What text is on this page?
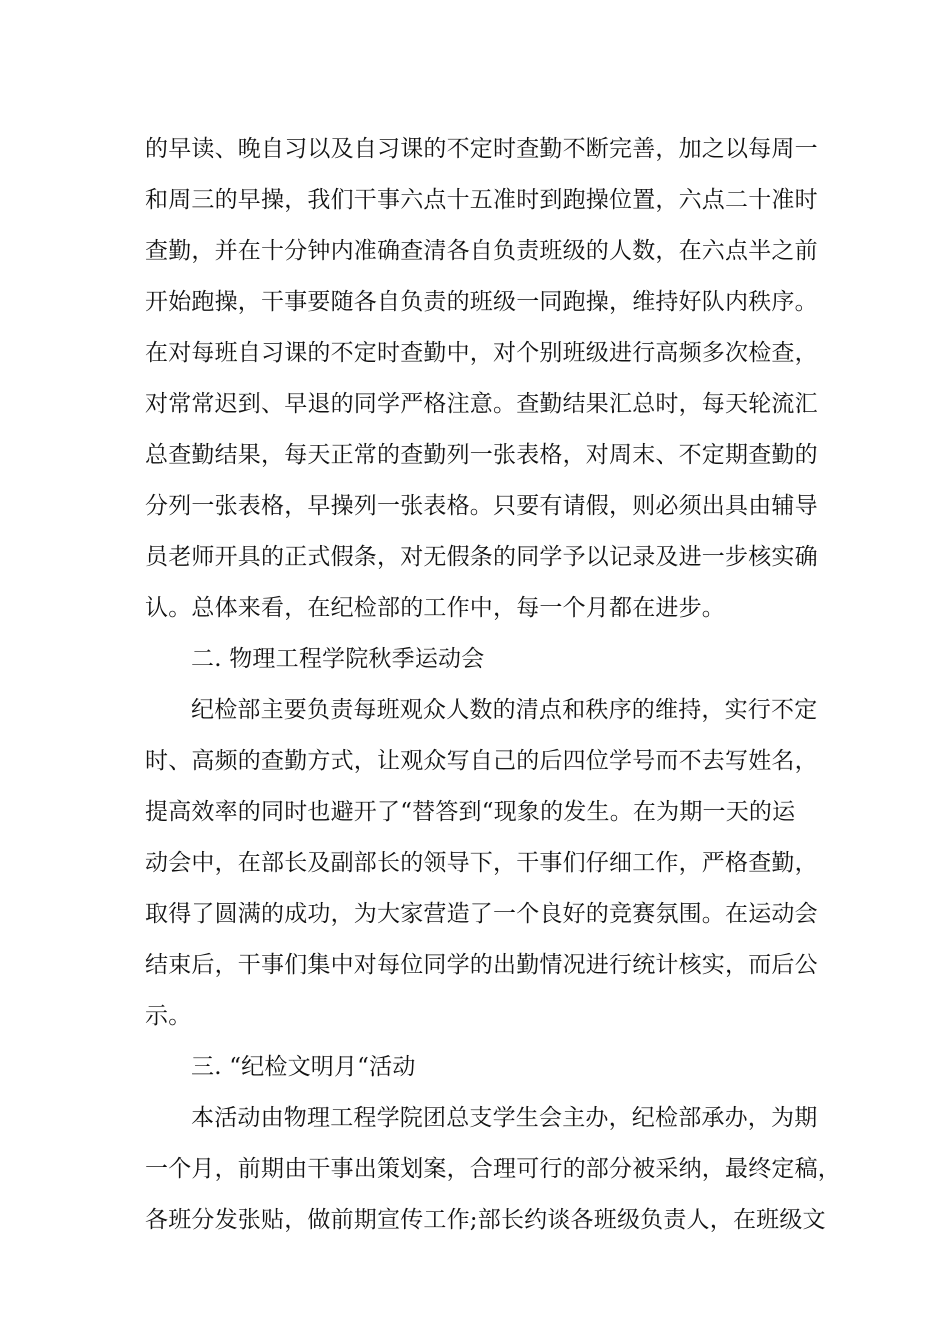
的早读、晚自习以及自习课的不定时查勤不断完善，加之以每周一
和周三的早操，我们干事六点十五准时到跑操位置，六点二十准时
查勤，并在十分钟内准确查清各自负责班级的人数，在六点半之前
开始跑操，干事要随各自负责的班级一同跑操，维持好队内秩序。
在对每班自习课的不定时查勤中，对个别班级进行高频多次检查，
对常常迟到、早退的同学严格注意。查勤结果汇总时，每天轮流汇
总查勤结果，每天正常的查勤列一张表格，对周末、不定期查勤的
分列一张表格，早操列一张表格。只要有请假，则必须出具由辅导
员老师开具的正式假条，对无假条的同学予以记录及进一步核实确
认。总体来看，在纪检部的工作中，每一个月都在进步。
二. 物理工程学院秋季运动会
纪检部主要负责每班观众人数的清点和秩序的维持，实行不定
时、高频的查勤方式，让观众写自己的后四位学号而不去写姓名，
提高效率的同时也避开了“替答到“现象的发生。在为期一天的运
动会中，在部长及副部长的领导下，干事们仔细工作，严格查勤，
取得了圆满的成功，为大家营造了一个良好的竞赛氛围。在运动会
结束后，干事们集中对每位同学的出勤情况进行统计核实，而后公
示。
三. “纪检文明月“活动
本活动由物理工程学院团总支学生会主办，纪检部承办，为期
一个月，前期由干事出策划案，合理可行的部分被采纳，最终定稿，
各班分发张贴，做前期宣传工作;部长约谈各班级负责人，在班级文
